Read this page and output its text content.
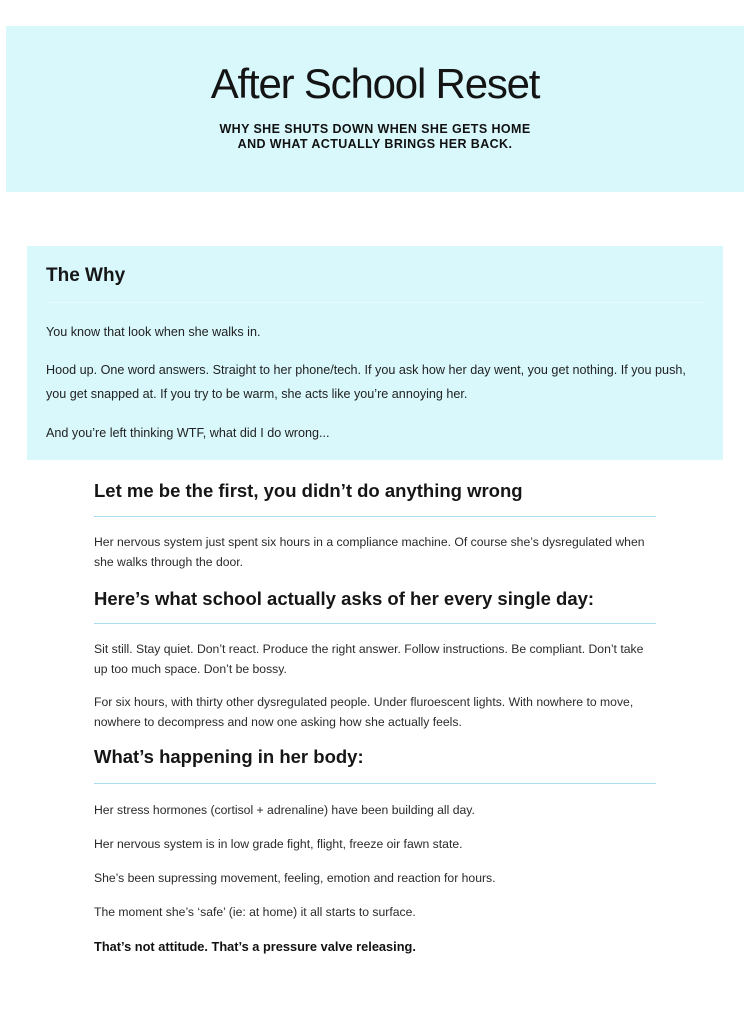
After School Reset
WHY SHE SHUTS DOWN WHEN SHE GETS HOME
AND WHAT ACTUALLY BRINGS HER BACK.
The Why

You know that look when she walks in.

Hood up. One word answers. Straight to her phone/tech. If you ask how her day went, you get nothing. If you push, you get snapped at. If you try to be warm, she acts like you’re annoying her.

And you’re left thinking WTF, what did I do wrong...

Let me be the first, you didn’t do anything wrong

Her nervous system just spent six hours in a compliance machine. Of course she’s dysregulated when she walks through the door.

Here’s what school actually asks of her every single day:

Sit still. Stay quiet. Don’t react. Produce the right answer. Follow instructions. Be compliant. Don’t take up too much space. Don’t be bossy.

For six hours, with thirty other dysregulated people. Under fluroescent lights. With nowhere to move, nowhere to decompress and now one asking how she actually feels.

What’s happening in her body:

Her stress hormones (cortisol + adrenaline) have been building all day.

Her nervous system is in low grade fight, flight, freeze oir fawn state.

She’s been supressing movement, feeling, emotion and reaction for hours.

The moment she’s ‘safe’ (ie: at home) it all starts to surface.

That’s not attitude. That’s a pressure valve releasing.
